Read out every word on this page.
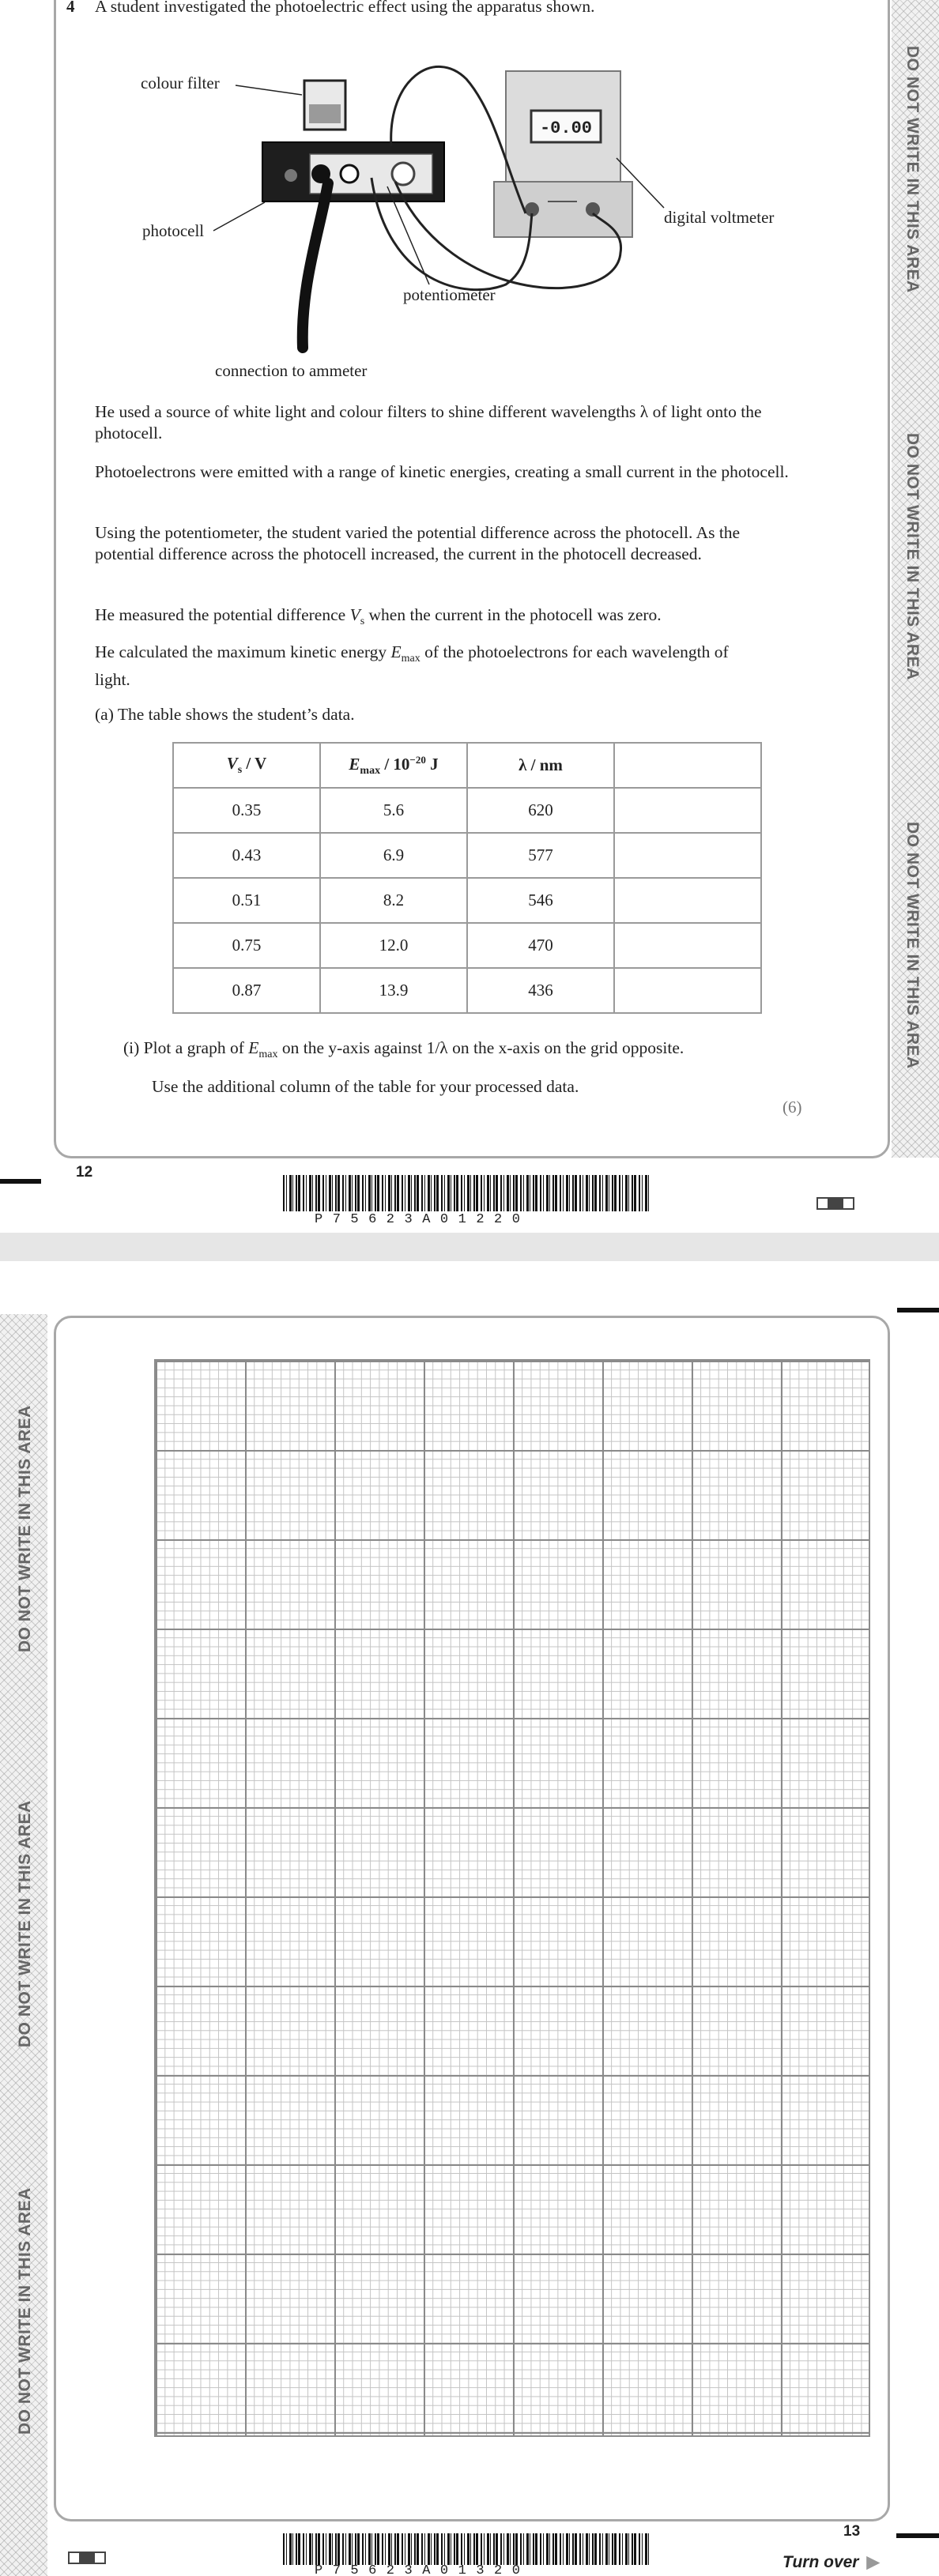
DO NOT WRITE IN THIS AREA
DO NOT WRITE IN THIS AREA
DO NOT WRITE IN THIS AREA
4 A student investigated the photoelectric effect using the apparatus shown.
-0.00
colour filter
photocell
potentiometer
digital voltmeter
connection to ammeter
He used a source of white light and colour filters to shine different wavelengths λ of light onto the photocell.
Photoelectrons were emitted with a range of kinetic energies, creating a small current in the photocell.
Using the potentiometer, the student varied the potential difference across the photocell. As the potential difference across the photocell increased, the current in the photocell decreased.
He measured the potential difference $V_s$ when the current in the photocell was zero.
He calculated the maximum kinetic energy $E_{max}$ of the photoelectrons for each wavelength of light.
(a) The table shows the student’s data.
$V_s$ / V	$E_{max} / 10^{-20}$ J	λ / nm	
0.35	5.6	620	
0.43	6.9	577	
0.51	8.2	546	
0.75	12.0	470	
0.87	13.9	436	
(i) Plot a graph of $E_{max}$ on the y-axis against 1/λ on the x-axis on the grid opposite.
Use the additional column of the table for your processed data.
(6)
12
P75623A01220
DO NOT WRITE IN THIS AREA
DO NOT WRITE IN THIS AREA
DO NOT WRITE IN THIS AREA
13
P75623A01320	Turn over ▶
